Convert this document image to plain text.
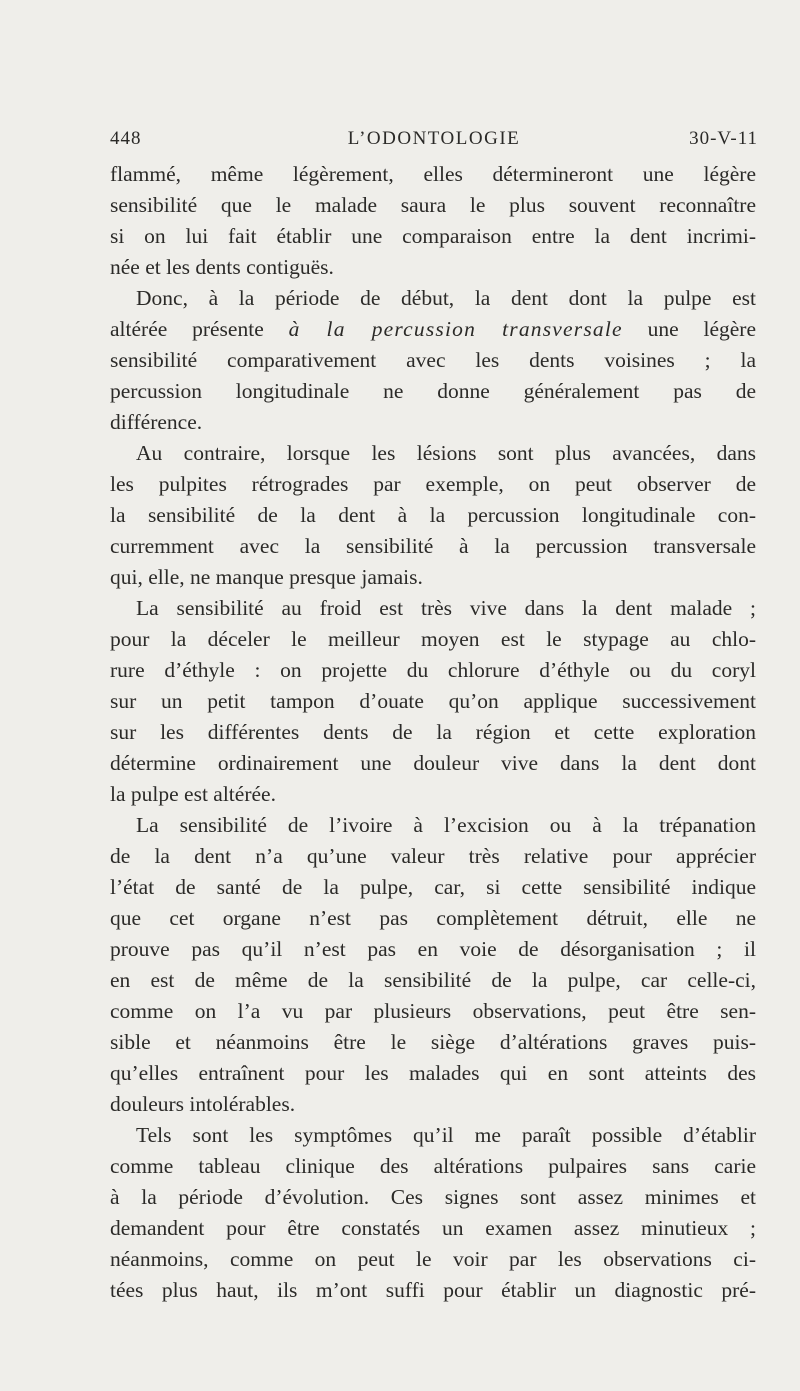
448	L’ODONTOLOGIE	30-V-11
flammé, même légèrement, elles détermineront une légère
sensibilité que le malade saura le plus souvent reconnaître
si on lui fait établir une comparaison entre la dent incrimi-
née et les dents contiguës.
Donc, à la période de début, la dent dont la pulpe est
altérée présente à la percussion transversale une légère
sensibilité comparativement avec les dents voisines ; la
percussion longitudinale ne donne généralement pas de
différence.
Au contraire, lorsque les lésions sont plus avancées, dans
les pulpites rétrogrades par exemple, on peut observer de
la sensibilité de la dent à la percussion longitudinale con-
curremment avec la sensibilité à la percussion transversale
qui, elle, ne manque presque jamais.
La sensibilité au froid est très vive dans la dent malade ;
pour la déceler le meilleur moyen est le stypage au chlo-
rure d’éthyle : on projette du chlorure d’éthyle ou du coryl
sur un petit tampon d’ouate qu’on applique successivement
sur les différentes dents de la région et cette exploration
détermine ordinairement une douleur vive dans la dent dont
la pulpe est altérée.
La sensibilité de l’ivoire à l’excision ou à la trépanation
de la dent n’a qu’une valeur très relative pour apprécier
l’état de santé de la pulpe, car, si cette sensibilité indique
que cet organe n’est pas complètement détruit, elle ne
prouve pas qu’il n’est pas en voie de désorganisation ; il
en est de même de la sensibilité de la pulpe, car celle-ci,
comme on l’a vu par plusieurs observations, peut être sen-
sible et néanmoins être le siège d’altérations graves puis-
qu’elles entraînent pour les malades qui en sont atteints des
douleurs intolérables.
Tels sont les symptômes qu’il me paraît possible d’établir
comme tableau clinique des altérations pulpaires sans carie
à la période d’évolution. Ces signes sont assez minimes et
demandent pour être constatés un examen assez minutieux ;
néanmoins, comme on peut le voir par les observations ci-
tées plus haut, ils m’ont suffi pour établir un diagnostic pré-
